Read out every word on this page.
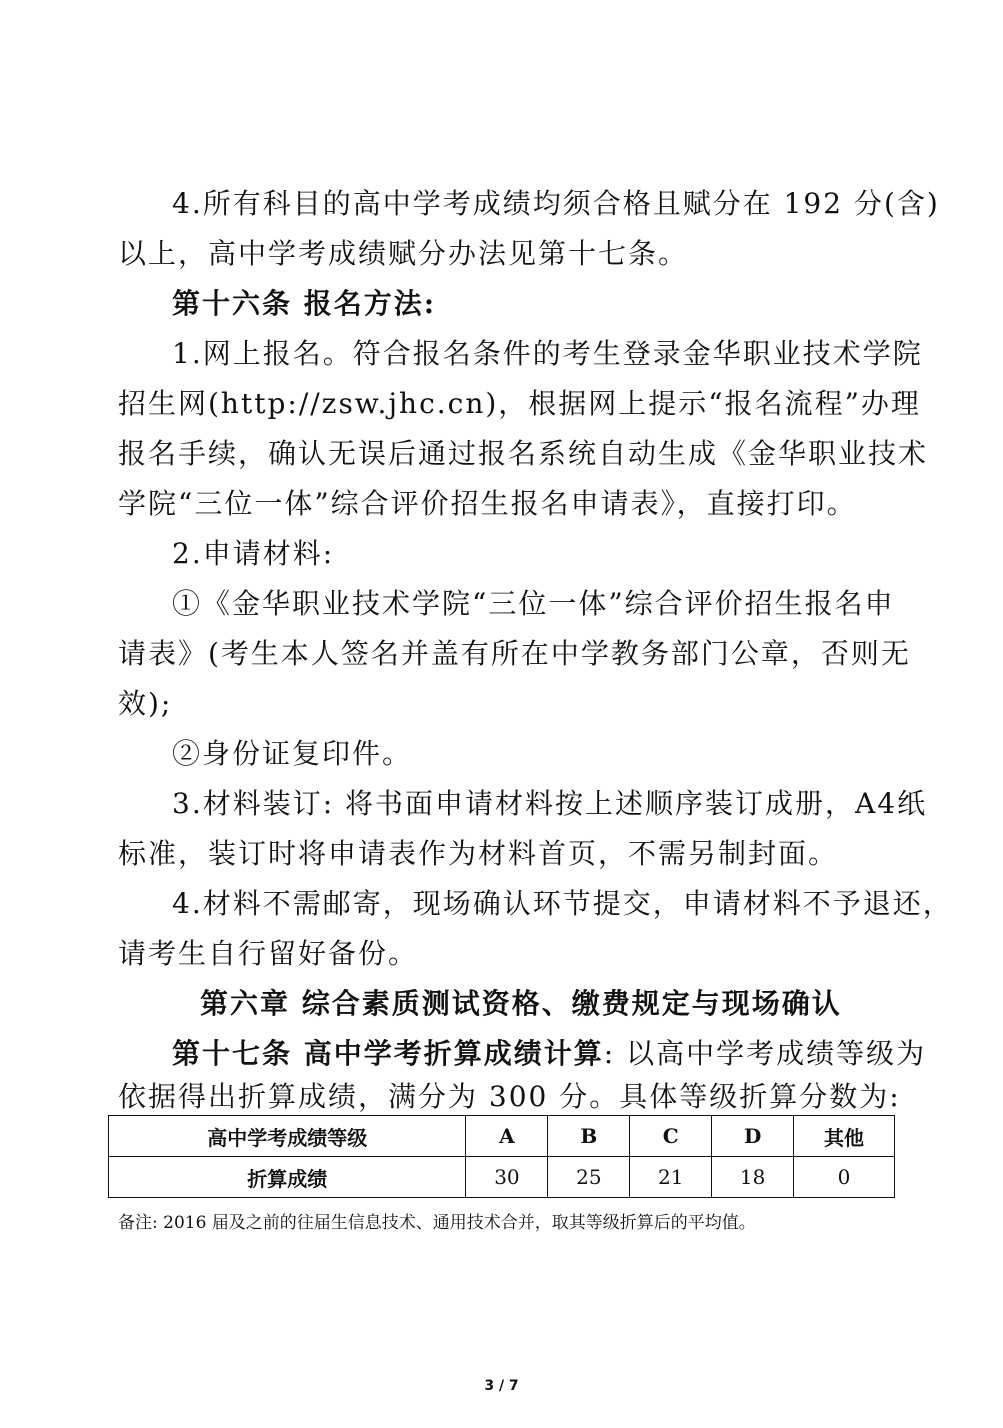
4.所有科目的高中学考成绩均须合格且赋分在 192 分(含)
以上，高中学考成绩赋分办法见第十七条。
第十六条 报名方法:
1.网上报名。符合报名条件的考生登录金华职业技术学院
招生网(http://zsw.jhc.cn)，根据网上提示“报名流程”办理
报名手续，确认无误后通过报名系统自动生成《金华职业技术
学院“三位一体”综合评价招生报名申请表》，直接打印。
2.申请材料:
①《金华职业技术学院“三位一体”综合评价招生报名申
请表》(考生本人签名并盖有所在中学教务部门公章，否则无
效);
②身份证复印件。
3.材料装订: 将书面申请材料按上述顺序装订成册，A4纸
标准，装订时将申请表作为材料首页，不需另制封面。
4.材料不需邮寄，现场确认环节提交，申请材料不予退还，
请考生自行留好备份。
第六章 综合素质测试资格、缴费规定与现场确认
第十七条 高中学考折算成绩计算: 以高中学考成绩等级为
依据得出折算成绩，满分为 300 分。具体等级折算分数为:
高中学考成绩等级	A	B	C	D	其他
折算成绩	30	25	21	18	0
备注: 2016 届及之前的往届生信息技术、通用技术合并，取其等级折算后的平均值。
3 / 7
